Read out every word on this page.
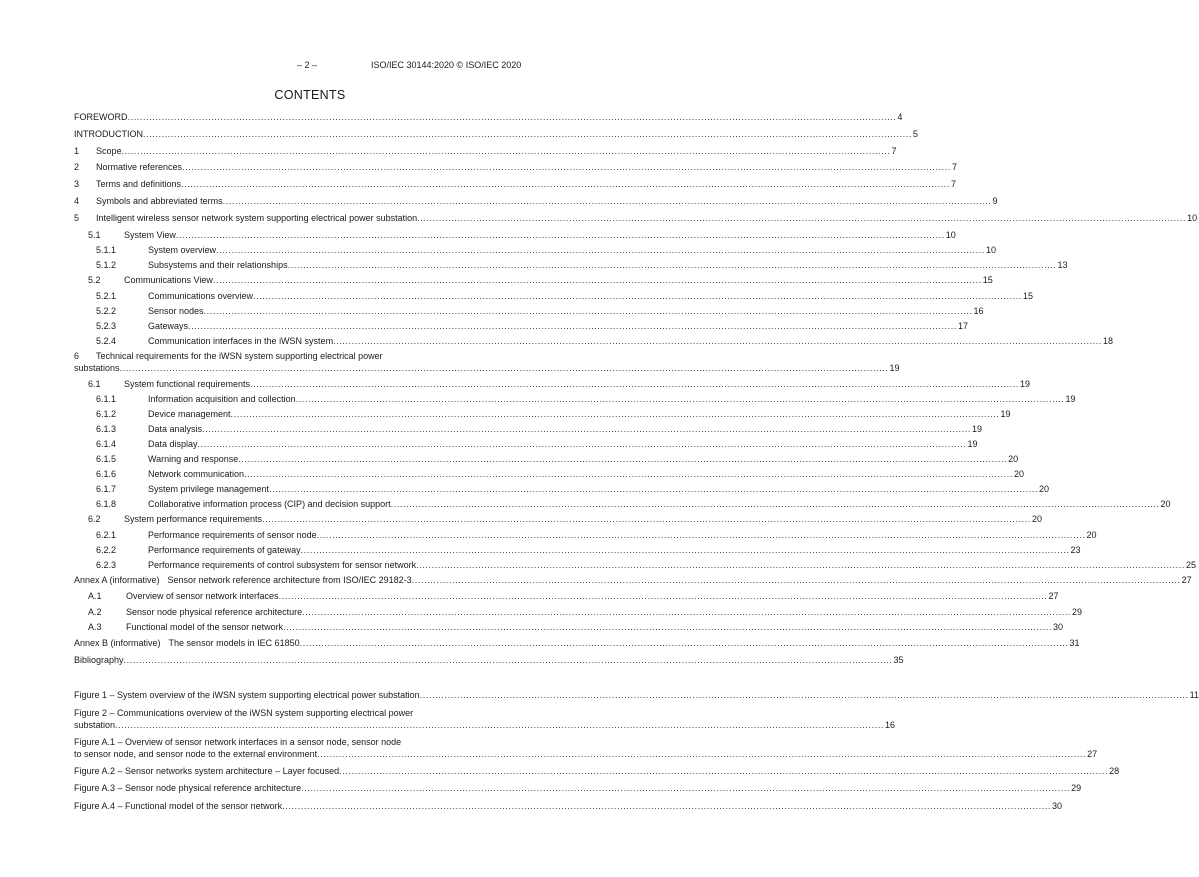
– 2 –	ISO/IEC 30144:2020 © ISO/IEC 2020
CONTENTS
FOREWORD .....	4
INTRODUCTION .....	5
1	Scope .....	7
2	Normative references .....	7
3	Terms and definitions .....	7
4	Symbols and abbreviated terms .....	9
5	Intelligent wireless sensor network system supporting electrical power substation .....	10
5.1	System View .....	10
5.1.1	System overview .....	10
5.1.2	Subsystems and their relationships .....	13
5.2	Communications View .....	15
5.2.1	Communications overview .....	15
5.2.2	Sensor nodes .....	16
5.2.3	Gateways .....	17
5.2.4	Communication interfaces in the iWSN system .....	18
6 Technical requirements for the iWSN system supporting electrical power
substations .....	19
6.1	System functional requirements .....	19
6.1.1	Information acquisition and collection .....	19
6.1.2	Device management .....	19
6.1.3	Data analysis .....	19
6.1.4	Data display .....	19
6.1.5	Warning and response .....	20
6.1.6	Network communication .....	20
6.1.7	System privilege management .....	20
6.1.8	Collaborative information process (CIP) and decision support .....	20
6.2	System performance requirements .....	20
6.2.1	Performance requirements of sensor node .....	20
6.2.2	Performance requirements of gateway .....	23
6.2.3	Performance requirements of control subsystem for sensor network .....	25
Annex A (informative) Sensor network reference architecture from ISO/IEC 29182-3 .....	27
A.1	Overview of sensor network interfaces .....	27
A.2	Sensor node physical reference architecture .....	29
A.3	Functional model of the sensor network .....	30
Annex B (informative) The sensor models in IEC 61850 .....	31
Bibliography .....	35
Figure 1 – System overview of the iWSN system supporting electrical power substation .....	11
Figure 2 – Communications overview of the iWSN system supporting electrical power
substation .....	16
Figure A.1 – Overview of sensor network interfaces in a sensor node, sensor node
to sensor node, and sensor node to the external environment .....	27
Figure A.2 – Sensor networks system architecture – Layer focused .....	28
Figure A.3 – Sensor node physical reference architecture .....	29
Figure A.4 – Functional model of the sensor network .....	30
